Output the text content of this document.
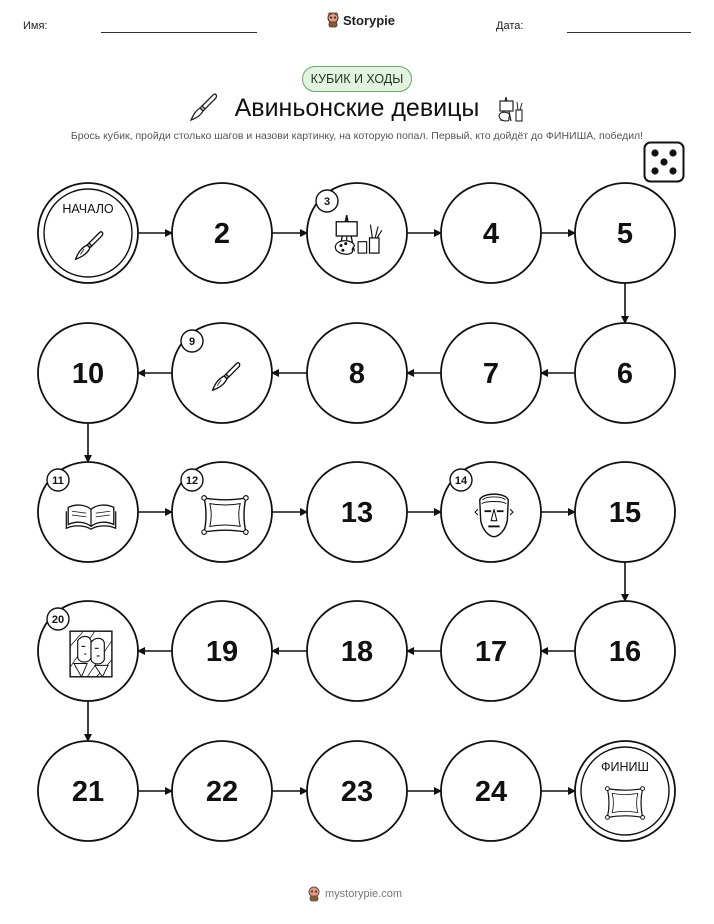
Имя:	Storypie	Дата:
КУБИК И ХОДЫ
Авиньонские девицы
Брось кубик, пройди столько шагов и назови картинку, на которую попал. Первый, кто дойдёт до ФИНИША, победил!
НАЧАЛО
2
3
4	5
6
7
8
9
10
11	12
13
14
15
16
17
18
19
20
21	22	23	24
ФИНИШ
mystorypie.com
